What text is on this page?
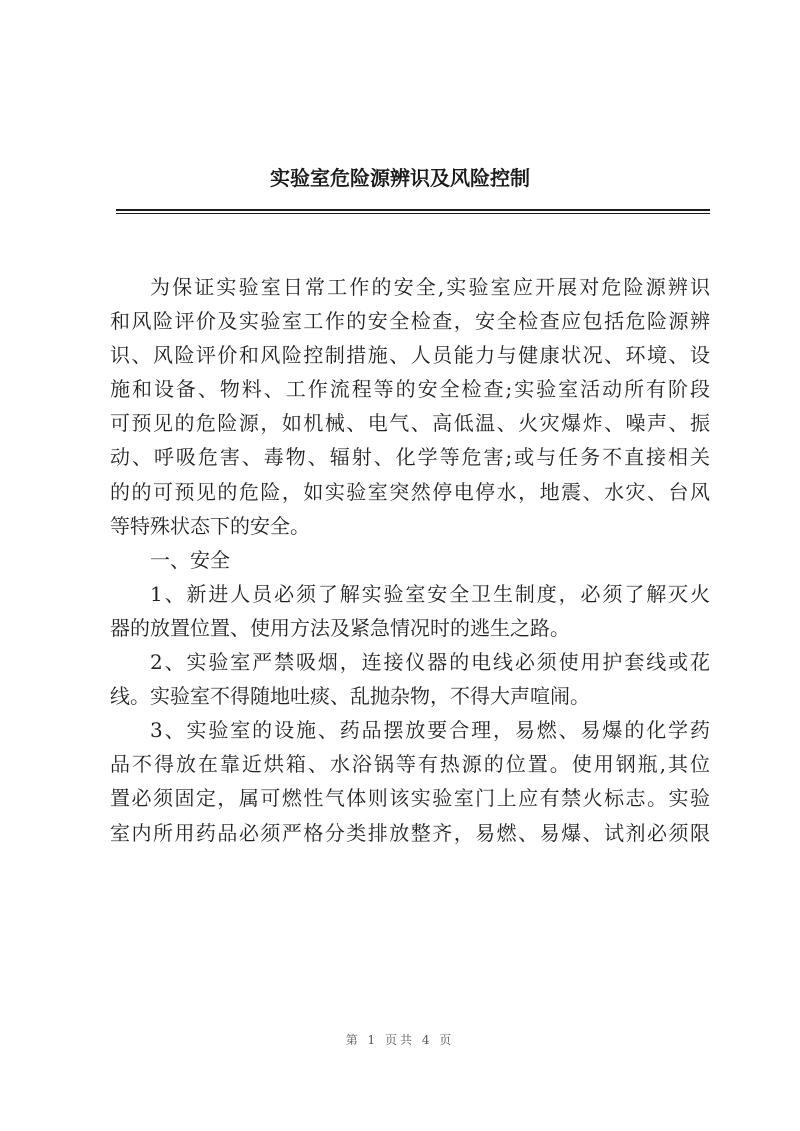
实验室危险源辨识及风险控制
为保证实验室日常工作的安全,实验室应开展对危险源辨识
和风险评价及实验室工作的安全检查，安全检查应包括危险源辨
识、风险评价和风险控制措施、人员能力与健康状况、环境、设
施和设备、物料、工作流程等的安全检查;实验室活动所有阶段
可预见的危险源，如机械、电气、高低温、火灾爆炸、噪声、振
动、呼吸危害、毒物、辐射、化学等危害;或与任务不直接相关
的的可预见的危险，如实验室突然停电停水，地震、水灾、台风
等特殊状态下的安全。
一、安全
1、新进人员必须了解实验室安全卫生制度，必须了解灭火
器的放置位置、使用方法及紧急情况时的逃生之路。
2、实验室严禁吸烟，连接仪器的电线必须使用护套线或花
线。实验室不得随地吐痰、乱抛杂物，不得大声喧闹。
3、实验室的设施、药品摆放要合理，易燃、易爆的化学药
品不得放在靠近烘箱、水浴锅等有热源的位置。使用钢瓶,其位
置必须固定，属可燃性气体则该实验室门上应有禁火标志。实验
室内所用药品必须严格分类排放整齐，易燃、易爆、试剂必须限
第 1 页共 4 页
